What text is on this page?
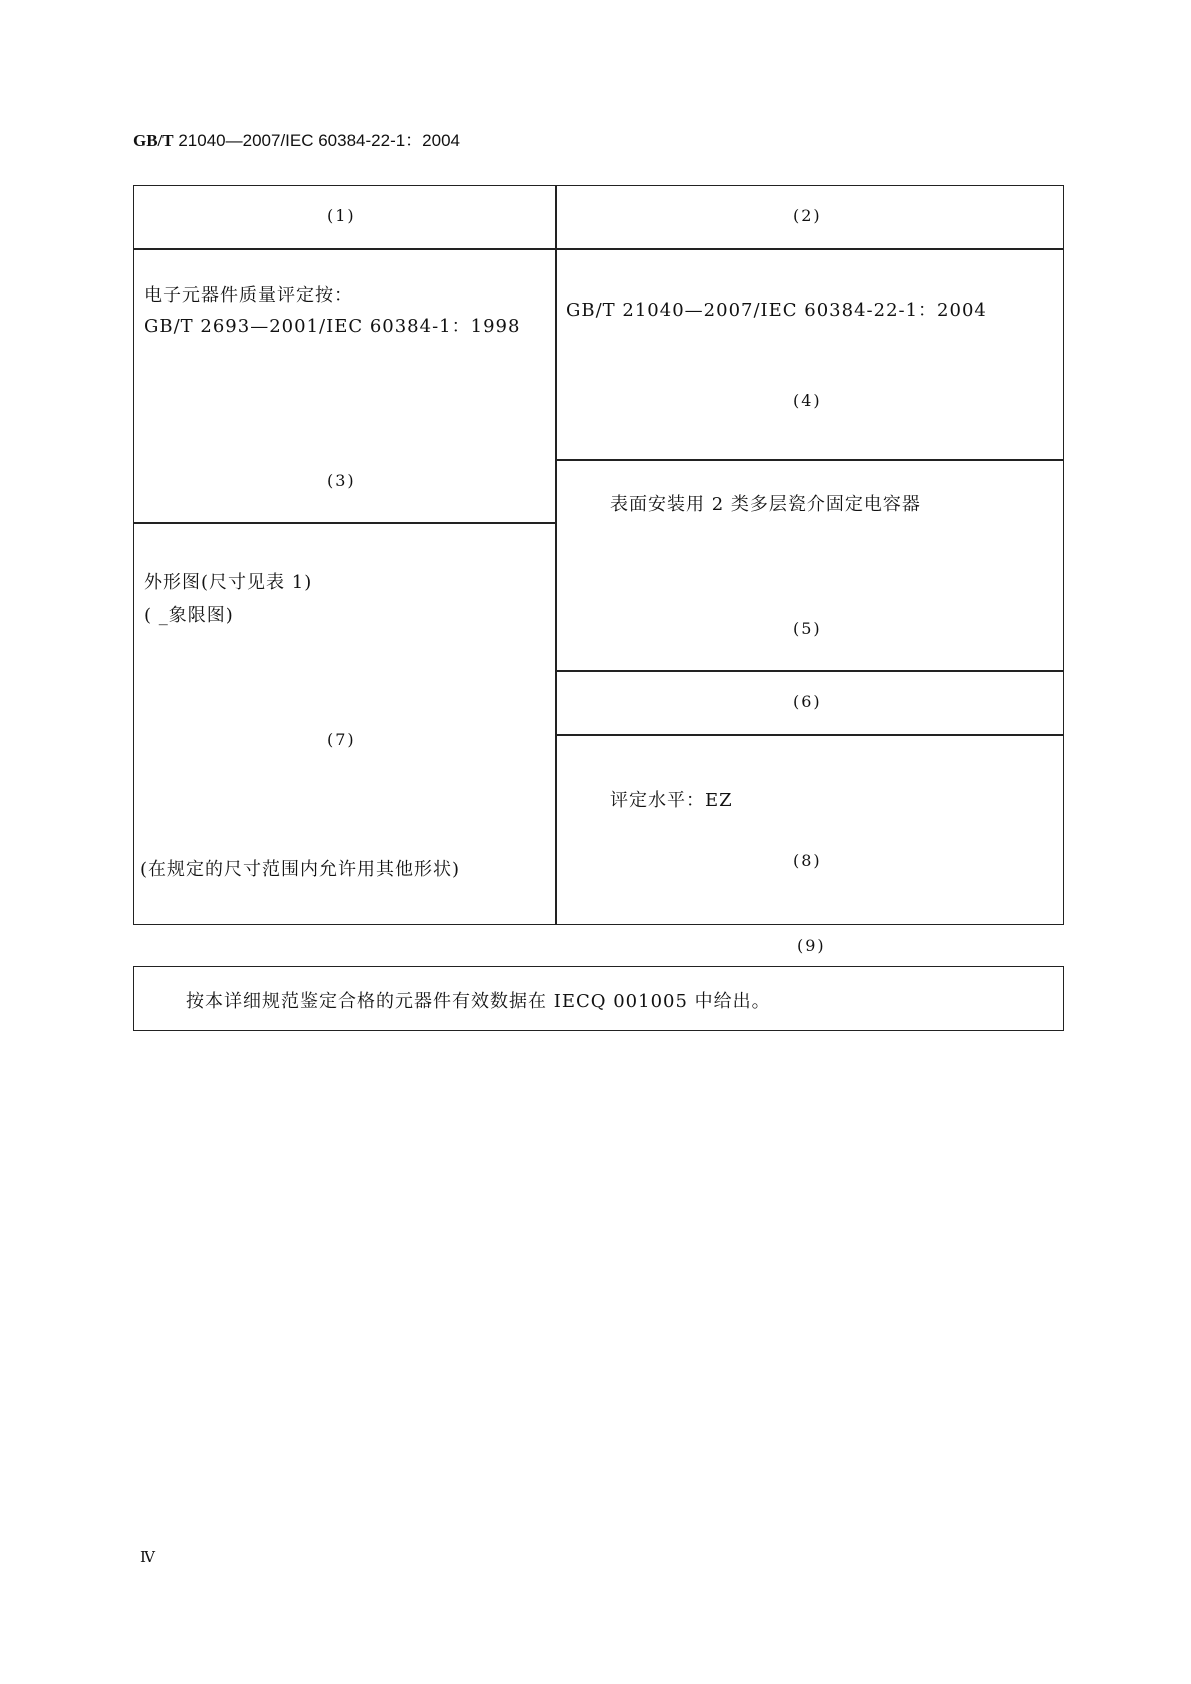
GB/T 21040—2007/IEC 60384-22-1：2004
(1)	(2)
电子元器件质量评定按：
GB/T 2693—2001/IEC 60384-1：1998
(3)
GB/T 21040—2007/IEC 60384-22-1：2004
(4)
表面安装用 2 类多层瓷介固定电容器
(5)
(6)
外形图(尺寸见表 1)
( _象限图)
(7)
(在规定的尺寸范围内允许用其他形状)
评定水平：EZ
(8)
(9)
按本详细规范鉴定合格的元器件有效数据在 IECQ 001005 中给出。
Ⅳ
